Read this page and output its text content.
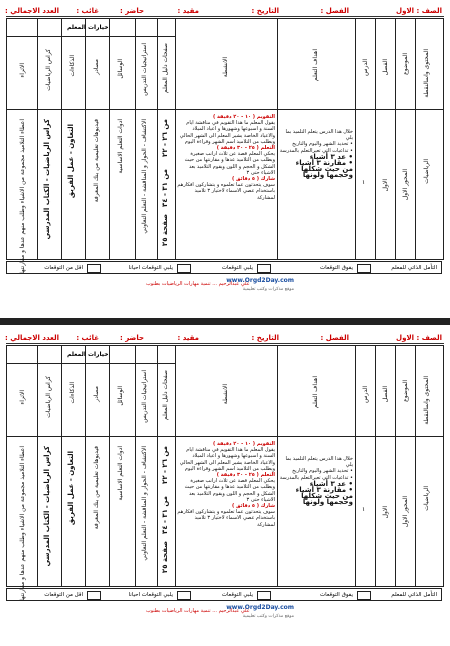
الصف : الاول
الفصل :
التاريخ :
مقيد :
حاضر :
غائب :
العدد الاجمالي :
المحتوى واسالنقطة
الموضوع
الفصل
الدرس
اهداف التعلم
الانشطة
خيارات المعلم
صفحات دليل المعلم
استراتيجيات التدريس
الوسائل
مصادر
الذكاءات
كراس الرياضيات
الاثراء
الرياضيات
المحور الاول
الاول
١
خلال هذا الدرس يتعلم التلميذ بما يلي
• تحديد الشهر واليوم والتاريخ
• تداعيات التي تعيرالتعلم بالمدرسة
• عد ٣ أشياء
• مقارنة ٣ أشياء
من حيث شكلها
وحجمها ولونها
التقويم ( ١٠ - ٢٠ دقيقة )
يقول المعلم ما هذا التقويم في مناقشة ايام السنة و اسبوعها وشهورها و اعياد الميلاد والاعياد الخاصة يشير المعلم الى الشهر الحالي ويطلب من التلاميذ اسم الشهر وقراءة اليوم
التعلم ( ٢٥ - ٣٠ دقيقة )
يحكي المعلم قصة عن ثلاث ارانب صغيرة ويطلب من التلاميذ عدها و مقارنتها من حيث الشكل و الحجم و اللون ويقوم التلاميذ بعد الاشياء حتى ٣
شارك ( ٥ دقائق )
سوف يتحدثون عما تعلموه و يتشاركون افكارهم باستخدام عصي الاسماء لاختيار ٣ تلاميذ لمشاركة
من ٢٦ - ٢٢
من ٣١ - ٣٤
صفحة ٢٥
الاكتشاف - الحوار و المناقشة - التعلم التعاوني
ادوات التعلم الاساسية
فيديوهات تعليمية من بنك المعرفة
التعاون - عمل الفريق
كراس الرياضيات - الكتاب المدرسي
اعطاء التلاميذ مجموعة من الاشياء وطلب منهم عدها و مقارنتها	التأمل الذاتي للمعلم
يفوق التوقعات
يلبي التوقعات
يلبي التوقعات احيانا
اقل من التوقعات
علي عبدالرحيم ... تنمية مهارات الرياضيات بطنوب
www.Orgd2Day.com
موقع مذكرات وكتب تعليمية
الصف : الاول
الفصل :
التاريخ :
مقيد :
حاضر :
غائب :
العدد الاجمالي :
المحتوى واسالنقطة
الموضوع
الفصل
الدرس
اهداف التعلم
الانشطة
خيارات المعلم
صفحات دليل المعلم
استراتيجيات التدريس
الوسائل
مصادر
الذكاءات
كراس الرياضيات
الاثراء
الرياضيات
المحور الاول
الاول
١
خلال هذا الدرس يتعلم التلميذ بما يلي
• تحديد الشهر واليوم والتاريخ
• تداعيات التي تعيرالتعلم بالمدرسة
• عد ٣ أشياء
• مقارنة ٣ أشياء
من حيث شكلها
وحجمها ولونها
التقويم ( ١٠ - ٢٠ دقيقة )
يقول المعلم ما هذا التقويم في مناقشة ايام السنة و اسبوعها وشهورها و اعياد الميلاد والاعياد الخاصة يشير المعلم الى الشهر الحالي ويطلب من التلاميذ اسم الشهر وقراءة اليوم
التعلم ( ٢٥ - ٣٠ دقيقة )
يحكي المعلم قصة عن ثلاث ارانب صغيرة ويطلب من التلاميذ عدها و مقارنتها من حيث الشكل و الحجم و اللون ويقوم التلاميذ بعد الاشياء حتى ٣
شارك ( ٥ دقائق )
سوف يتحدثون عما تعلموه و يتشاركون افكارهم باستخدام عصي الاسماء لاختيار ٣ تلاميذ لمشاركة
من ٢٦ - ٢٢
من ٣١ - ٣٤
صفحة ٢٥
الاكتشاف - الحوار و المناقشة - التعلم التعاوني
ادوات التعلم الاساسية
فيديوهات تعليمية من بنك المعرفة
التعاون - عمل الفريق
كراس الرياضيات - الكتاب المدرسي
اعطاء التلاميذ مجموعة من الاشياء وطلب منهم عدها و مقارنتها	التأمل الذاتي للمعلم
يفوق التوقعات
يلبي التوقعات
يلبي التوقعات احيانا
اقل من التوقعات
علي عبدالرحيم ... تنمية مهارات الرياضيات بطنوب
www.Orgd2Day.com
موقع مذكرات وكتب تعليمية
